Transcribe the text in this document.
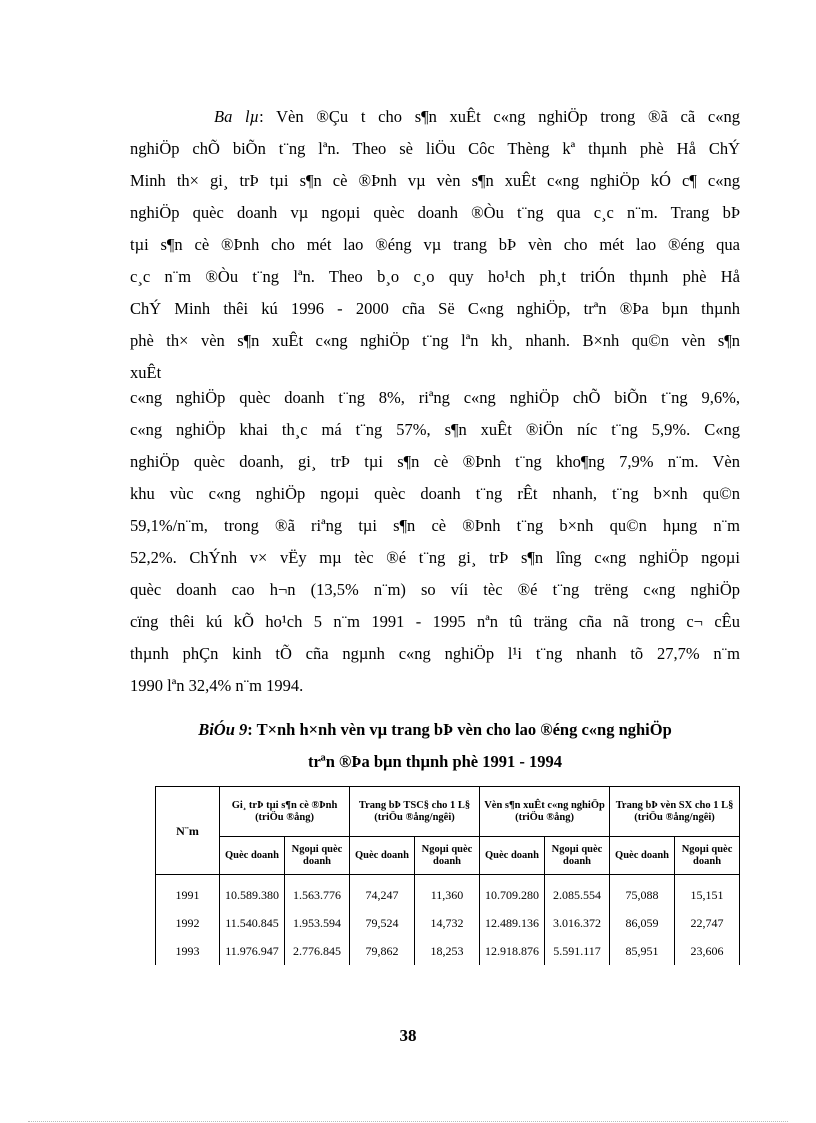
Ba lµ: Vèn ®Çu t cho s¶n xuÊt c«ng nghiÖp trong ®ã cã c«ng
nghiÖp chÕ biÕn t¨ng lªn. Theo sè liÖu Côc Thèng kª thµnh phè Hå ChÝ
Minh th× gi¸ trÞ tµi s¶n cè ®Þnh vµ vèn s¶n xuÊt c«ng nghiÖp kÓ c¶ c«ng
nghiÖp quèc doanh vµ ngoµi quèc doanh ®Òu t¨ng qua c¸c n¨m. Trang bÞ
tµi s¶n cè ®Þnh cho mét lao ®éng vµ trang bÞ vèn cho mét lao ®éng qua
c¸c n¨m ®Òu t¨ng lªn. Theo b¸o c¸o quy ho¹ch ph¸t triÓn thµnh phè Hå
ChÝ Minh thêi kú 1996 - 2000 cña Së C«ng nghiÖp, trªn ®Þa bµn thµnh
phè th× vèn s¶n xuÊt c«ng nghiÖp t¨ng lªn kh¸ nhanh. B×nh qu©n vèn s¶n
xuÊt
c«ng nghiÖp quèc doanh t¨ng 8%, riªng c«ng nghiÖp chÕ biÕn t¨ng 9,6%,
c«ng nghiÖp khai th¸c má t¨ng 57%, s¶n xuÊt ®iÖn níc t¨ng 5,9%. C«ng
nghiÖp quèc doanh, gi¸ trÞ tµi s¶n cè ®Þnh t¨ng kho¶ng 7,9% n¨m. Vèn
khu vùc c«ng nghiÖp ngoµi quèc doanh t¨ng rÊt nhanh, t¨ng b×nh qu©n
59,1%/n¨m, trong ®ã riªng tµi s¶n cè ®Þnh t¨ng b×nh qu©n hµng n¨m
52,2%. ChÝnh v× vËy mµ tèc ®é t¨ng gi¸ trÞ s¶n lîng c«ng nghiÖp ngoµi
quèc doanh cao h¬n (13,5% n¨m) so víi tèc ®é t¨ng trëng c«ng nghiÖp
cïng thêi kú kÕ ho¹ch 5 n¨m 1991 - 1995 nªn tû träng cña nã trong c¬ cÊu
thµnh phÇn kinh tÕ cña ngµnh c«ng nghiÖp l¹i t¨ng nhanh tõ 27,7% n¨m
1990 lªn 32,4% n¨m 1994.
BiÓu 9: T×nh h×nh vèn vµ trang bÞ vèn cho lao ®éng c«ng nghiÖp
trªn ®Þa bµn thµnh phè 1991 - 1994
N¨m	Gi¸ trÞ tµi s¶n cè ®Þnh (triÖu ®ång)		Trang bÞ TSC§ cho 1 L§ (triÖu ®ång/ngêi)		Vèn s¶n xuÊt c«ng nghiÖp (triÖu ®ång)		Trang bÞ vèn SX cho 1 L§ (triÖu ®ång/ngêi)	
	Quèc doanh	Ngoµi quèc doanh	Quèc doanh	Ngoµi quèc doanh	Quèc doanh	Ngoµi quèc doanh	Quèc doanh	Ngoµi quèc doanh
1991	10.589.380	1.563.776	74,247	11,360	10.709.280	2.085.554	75,088	15,151
1992	11.540.845	1.953.594	79,524	14,732	12.489.136	3.016.372	86,059	22,747
1993	11.976.947	2.776.845	79,862	18,253	12.918.876	5.591.117	85,951	23,606
38
